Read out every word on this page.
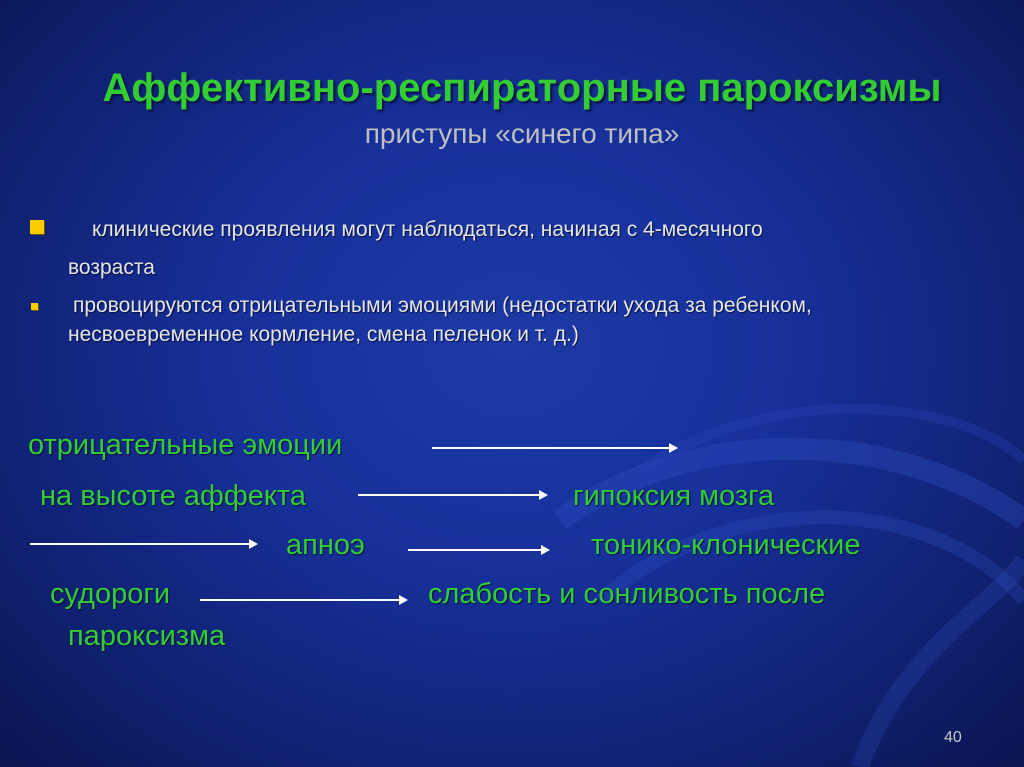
Аффективно-респираторные пароксизмы
приступы «синего типа»
клинические проявления могут наблюдаться, начиная с 4-месячного
возраста
провоцируются отрицательными эмоциями (недостатки ухода за ребенком,
несвоевременное кормление, смена пеленок и т. д.)
отрицательные эмоции
на высоте аффекта	гипоксия мозга
апноэ	тонико-клонические
судороги	слабость и сонливость после
пароксизма
40
